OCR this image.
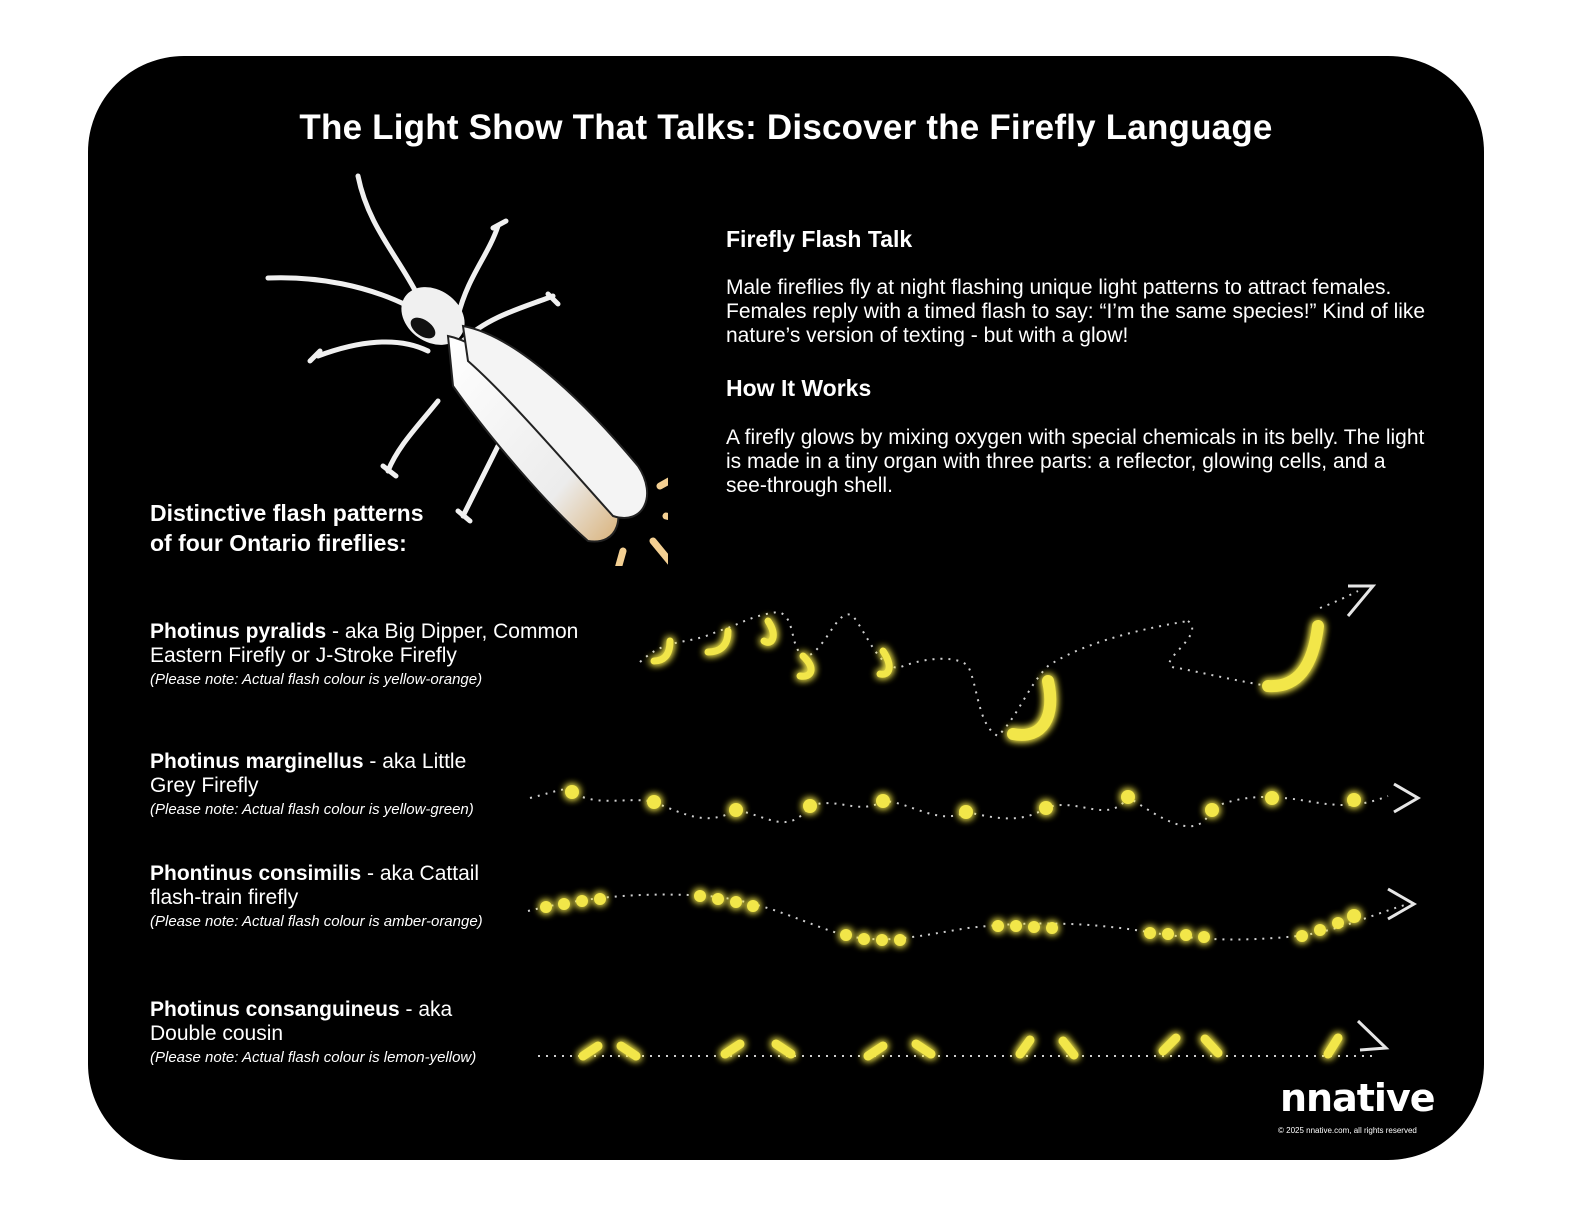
The Light Show That Talks: Discover the Firefly Language
Firefly Flash Talk
Male fireflies fly at night flashing unique light patterns to attract females. Females reply with a timed flash to say: “I’m the same species!” Kind of like nature’s version of texting - but with a glow!
How It Works
A firefly glows by mixing oxygen with special chemicals in its belly. The light is made in a tiny organ with three parts: a reflector, glowing cells, and a see-through shell.
Distinctive flash patterns
of four Ontario fireflies:
Photinus pyralids - aka Big Dipper, Common Eastern Firefly or J-Stroke Firefly
(Please note: Actual flash colour is yellow-orange)
Photinus marginellus - aka Little Grey Firefly
(Please note: Actual flash colour is yellow-green)
Phontinus consimilis - aka Cattail flash-train firefly
(Please note: Actual flash colour is amber-orange)
Photinus consanguineus - aka Double cousin
(Please note: Actual flash colour is lemon-yellow)
nnative
© 2025 nnative.com, all rights reserved
